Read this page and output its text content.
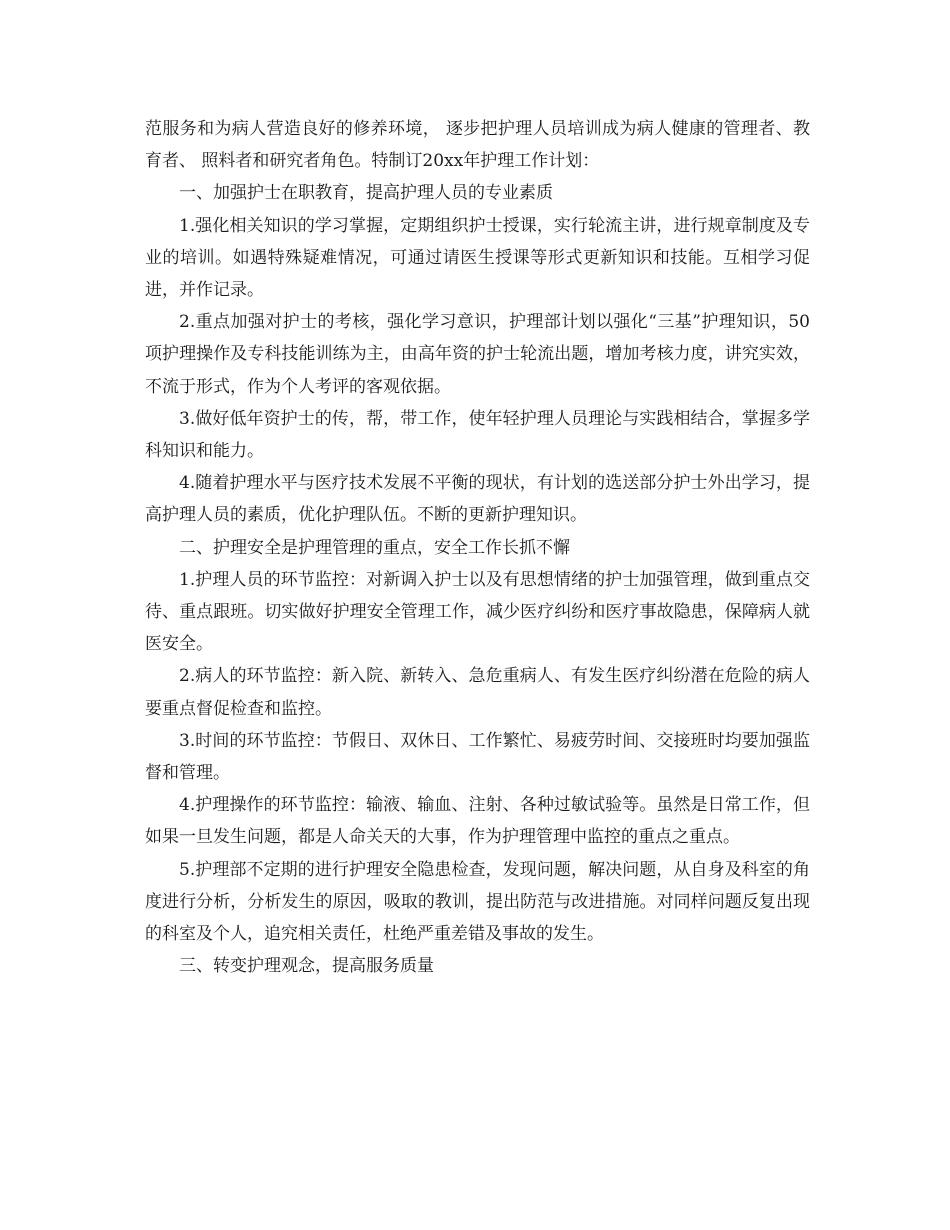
范服务和为病人营造良好的修养环境， 逐步把护理人员培训成为病人健康的管理者、教育者、 照料者和研究者角色。特制订20xx年护理工作计划：

一、加强护士在职教育，提高护理人员的专业素质

1.强化相关知识的学习掌握，定期组织护士授课，实行轮流主讲，进行规章制度及专业的培训。如遇特殊疑难情况，可通过请医生授课等形式更新知识和技能。互相学习促进，并作记录。

2.重点加强对护士的考核，强化学习意识，护理部计划以强化“三基”护理知识，50项护理操作及专科技能训练为主，由高年资的护士轮流出题，增加考核力度，讲究实效，不流于形式，作为个人考评的客观依据。

3.做好低年资护士的传，帮，带工作，使年轻护理人员理论与实践相结合，掌握多学科知识和能力。

4.随着护理水平与医疗技术发展不平衡的现状，有计划的选送部分护士外出学习，提高护理人员的素质，优化护理队伍。不断的更新护理知识。

二、护理安全是护理管理的重点，安全工作长抓不懈

1.护理人员的环节监控：对新调入护士以及有思想情绪的护士加强管理，做到重点交待、重点跟班。切实做好护理安全管理工作，减少医疗纠纷和医疗事故隐患，保障病人就医安全。

2.病人的环节监控：新入院、新转入、急危重病人、有发生医疗纠纷潜在危险的病人要重点督促检查和监控。

3.时间的环节监控：节假日、双休日、工作繁忙、易疲劳时间、交接班时均要加强监督和管理。

4.护理操作的环节监控：输液、输血、注射、各种过敏试验等。虽然是日常工作，但如果一旦发生问题，都是人命关天的大事，作为护理管理中监控的重点之重点。

5.护理部不定期的进行护理安全隐患检查，发现问题，解决问题，从自身及科室的角度进行分析，分析发生的原因，吸取的教训，提出防范与改进措施。对同样问题反复出现的科室及个人，追究相关责任，杜绝严重差错及事故的发生。

三、转变护理观念，提高服务质量
